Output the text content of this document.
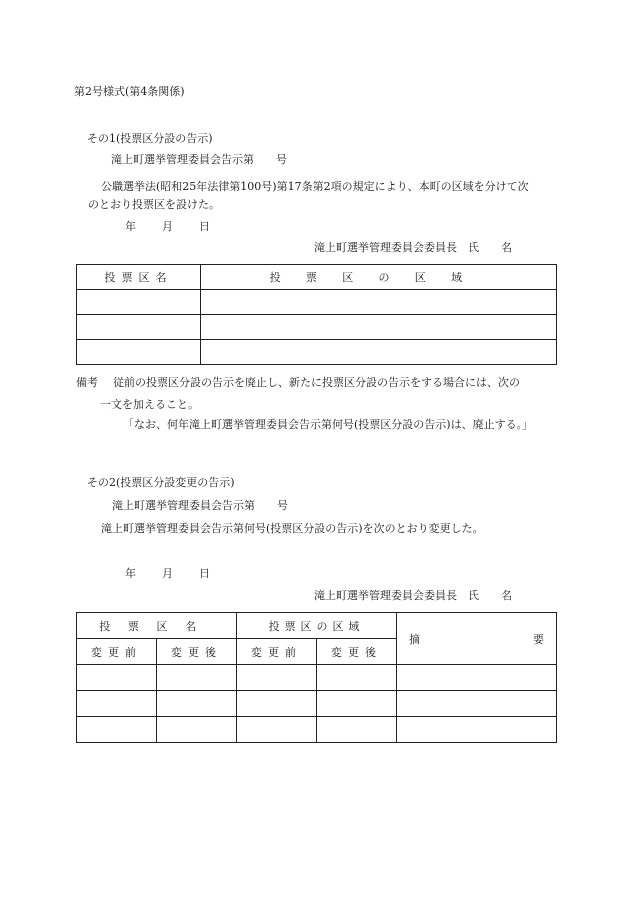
第2号様式(第4条関係)
その1(投票区分設の告示)
滝上町選挙管理委員会告示第　　号
公職選挙法(昭和25年法律第100号)第17条第2項の規定により、本町の区域を分けて次
のとおり投票区を設けた。
年 月 日
滝上町選挙管理委員会委員長　氏　　名
投票区名	投票区の区域

備考 従前の投票区分設の告示を廃止し、新たに投票区分設の告示をする場合には、次の
一文を加えること。
「なお、何年滝上町選挙管理委員会告示第何号(投票区分設の告示)は、廃止する。」
その2(投票区分設変更の告示)
滝上町選挙管理委員会告示第　　号
滝上町選挙管理委員会告示第何号(投票区分設の告示)を次のとおり変更した。
年 月 日
滝上町選挙管理委員会委員長　氏　　名
投票区名		投票区の区域		摘 要

変更前	変更後	変更前	変更後	
